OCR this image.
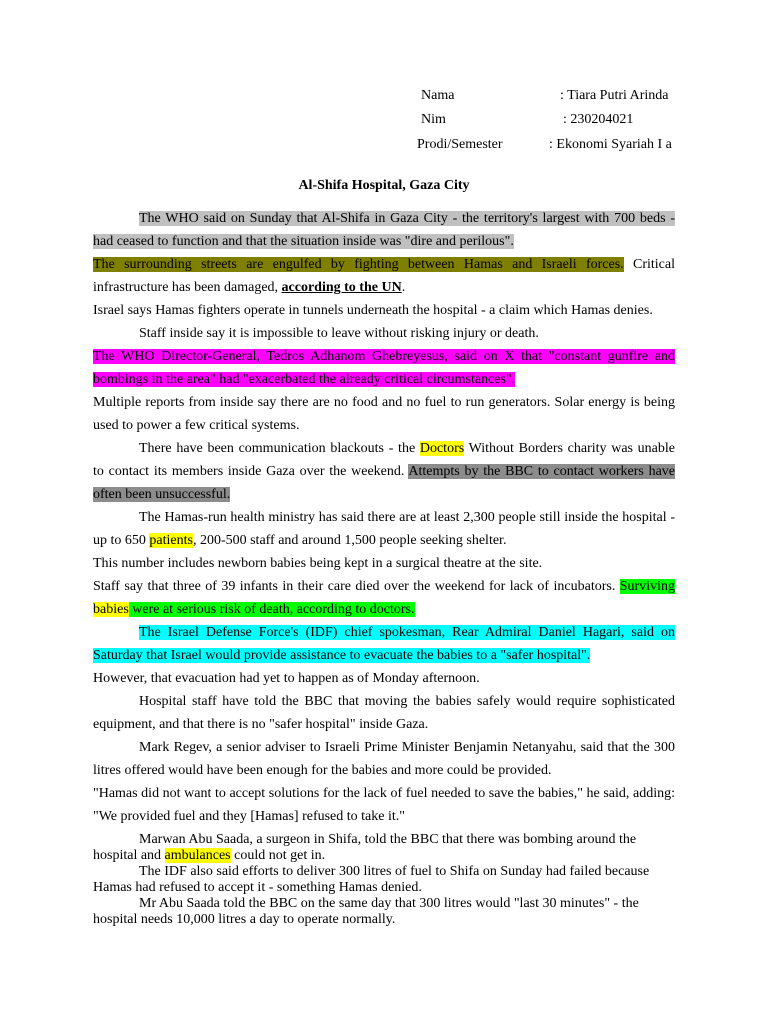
Nama	: Tiara Putri Arinda
Nim	: 230204021
Prodi/Semester	: Ekonomi Syariah I a
Al-Shifa Hospital, Gaza City

The WHO said on Sunday that Al-Shifa in Gaza City - the territory's largest with 700 beds - had ceased to function and that the situation inside was "dire and perilous".

The surrounding streets are engulfed by fighting between Hamas and Israeli forces. Critical infrastructure has been damaged, according to the UN.

Israel says Hamas fighters operate in tunnels underneath the hospital - a claim which Hamas denies.

Staff inside say it is impossible to leave without risking injury or death.

The WHO Director-General, Tedros Adhanom Ghebreyesus, said on X that "constant gunfire and bombings in the area" had "exacerbated the already critical circumstances".

Multiple reports from inside say there are no food and no fuel to run generators. Solar energy is being used to power a few critical systems.

There have been communication blackouts - the Doctors Without Borders charity was unable to contact its members inside Gaza over the weekend. Attempts by the BBC to contact workers have often been unsuccessful.

The Hamas-run health ministry has said there are at least 2,300 people still inside the hospital - up to 650 patients, 200-500 staff and around 1,500 people seeking shelter.

This number includes newborn babies being kept in a surgical theatre at the site.

Staff say that three of 39 infants in their care died over the weekend for lack of incubators. Surviving babies were at serious risk of death, according to doctors.

The Israel Defense Force's (IDF) chief spokesman, Rear Admiral Daniel Hagari, said on Saturday that Israel would provide assistance to evacuate the babies to a "safer hospital".

However, that evacuation had yet to happen as of Monday afternoon.

Hospital staff have told the BBC that moving the babies safely would require sophisticated equipment, and that there is no "safer hospital" inside Gaza.

Mark Regev, a senior adviser to Israeli Prime Minister Benjamin Netanyahu, said that the 300 litres offered would have been enough for the babies and more could be provided.

"Hamas did not want to accept solutions for the lack of fuel needed to save the babies," he said, adding: "We provided fuel and they [Hamas] refused to take it."

Marwan Abu Saada, a surgeon in Shifa, told the BBC that there was bombing around the hospital and ambulances could not get in.

The IDF also said efforts to deliver 300 litres of fuel to Shifa on Sunday had failed because Hamas had refused to accept it - something Hamas denied.

Mr Abu Saada told the BBC on the same day that 300 litres would "last 30 minutes" - the hospital needs 10,000 litres a day to operate normally.
